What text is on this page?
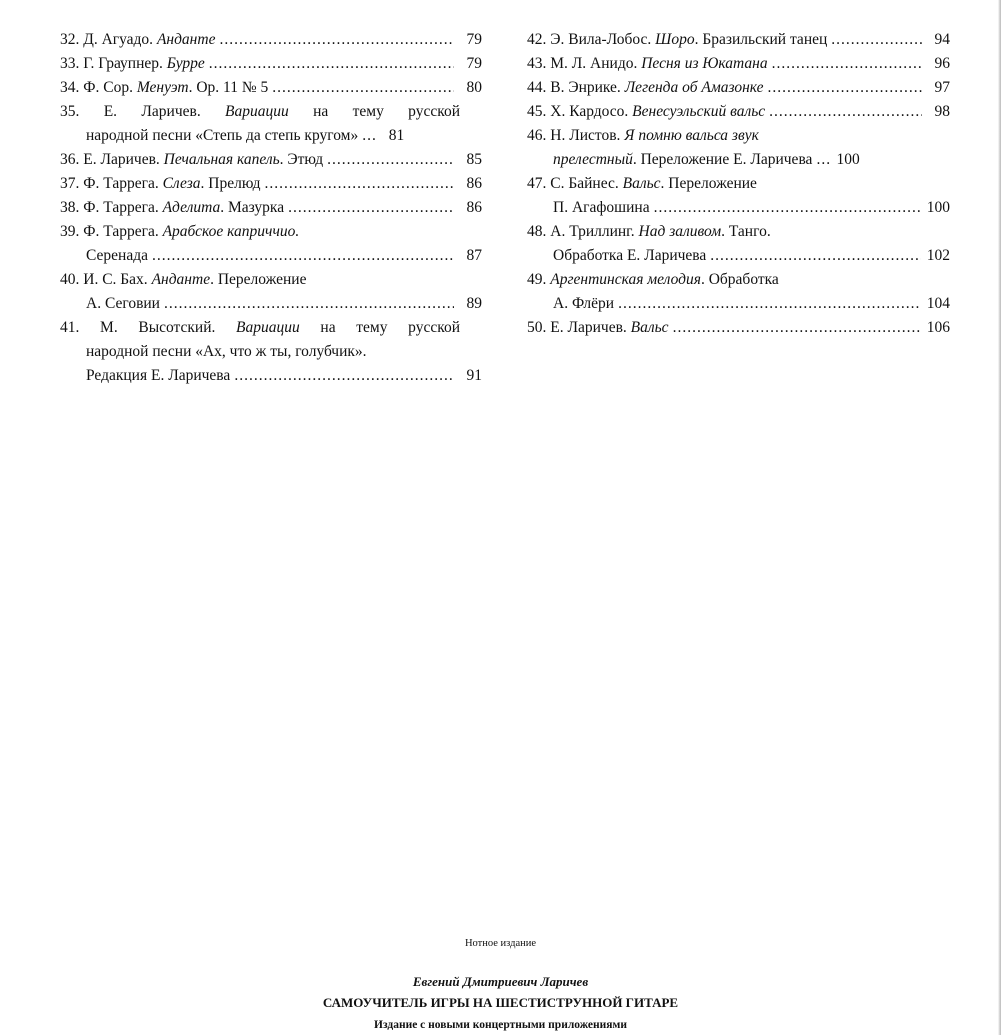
32. Д. Агуадо. Анданте .....	79
33. Г. Граупнер. Бурре .....	79
34. Ф. Сор. Менуэт. Op. 11 № 5 .....	80
35. Е. Ларичев. Вариации на тему русской
народной песни «Степь да степь кругом» .....	81
36. Е. Ларичев. Печальная капель. Этюд .....	85
37. Ф. Таррега. Слеза. Прелюд .....	86
38. Ф. Таррега. Аделита. Мазурка .....	86
39. Ф. Таррега. Арабское каприччио.
Серенада .....	87
40. И. С. Бах. Анданте. Переложение
А. Сеговии .....	89
41. М. Высотский. Вариации на тему русской
народной песни «Ах, что ж ты, голубчик».
Редакция Е. Ларичева .....	91
42. Э. Вила-Лобос. Шоро. Бразильский танец .....	94
43. М. Л. Анидо. Песня из Юкатана .....	96
44. В. Энрике. Легенда об Амазонке .....	97
45. Х. Кардосо. Венесуэльский вальс .....	98
46. Н. Листов. Я помню вальса звук
прелестный. Переложение Е. Ларичева ..... 100
47. С. Байнес. Вальс. Переложение
П. Агафошина .....	100
48. А. Триллинг. Над заливом. Танго.
Обработка Е. Ларичева .....	102
49. Аргентинская мелодия. Обработка
А. Флёри .....	104
50. Е. Ларичев. Вальс .....	106
Нотное издание
Евгений Дмитриевич Ларичев
САМОУЧИТЕЛЬ ИГРЫ НА ШЕСТИСТРУННОЙ ГИТАРЕ
Издание с новыми концертными приложениями
